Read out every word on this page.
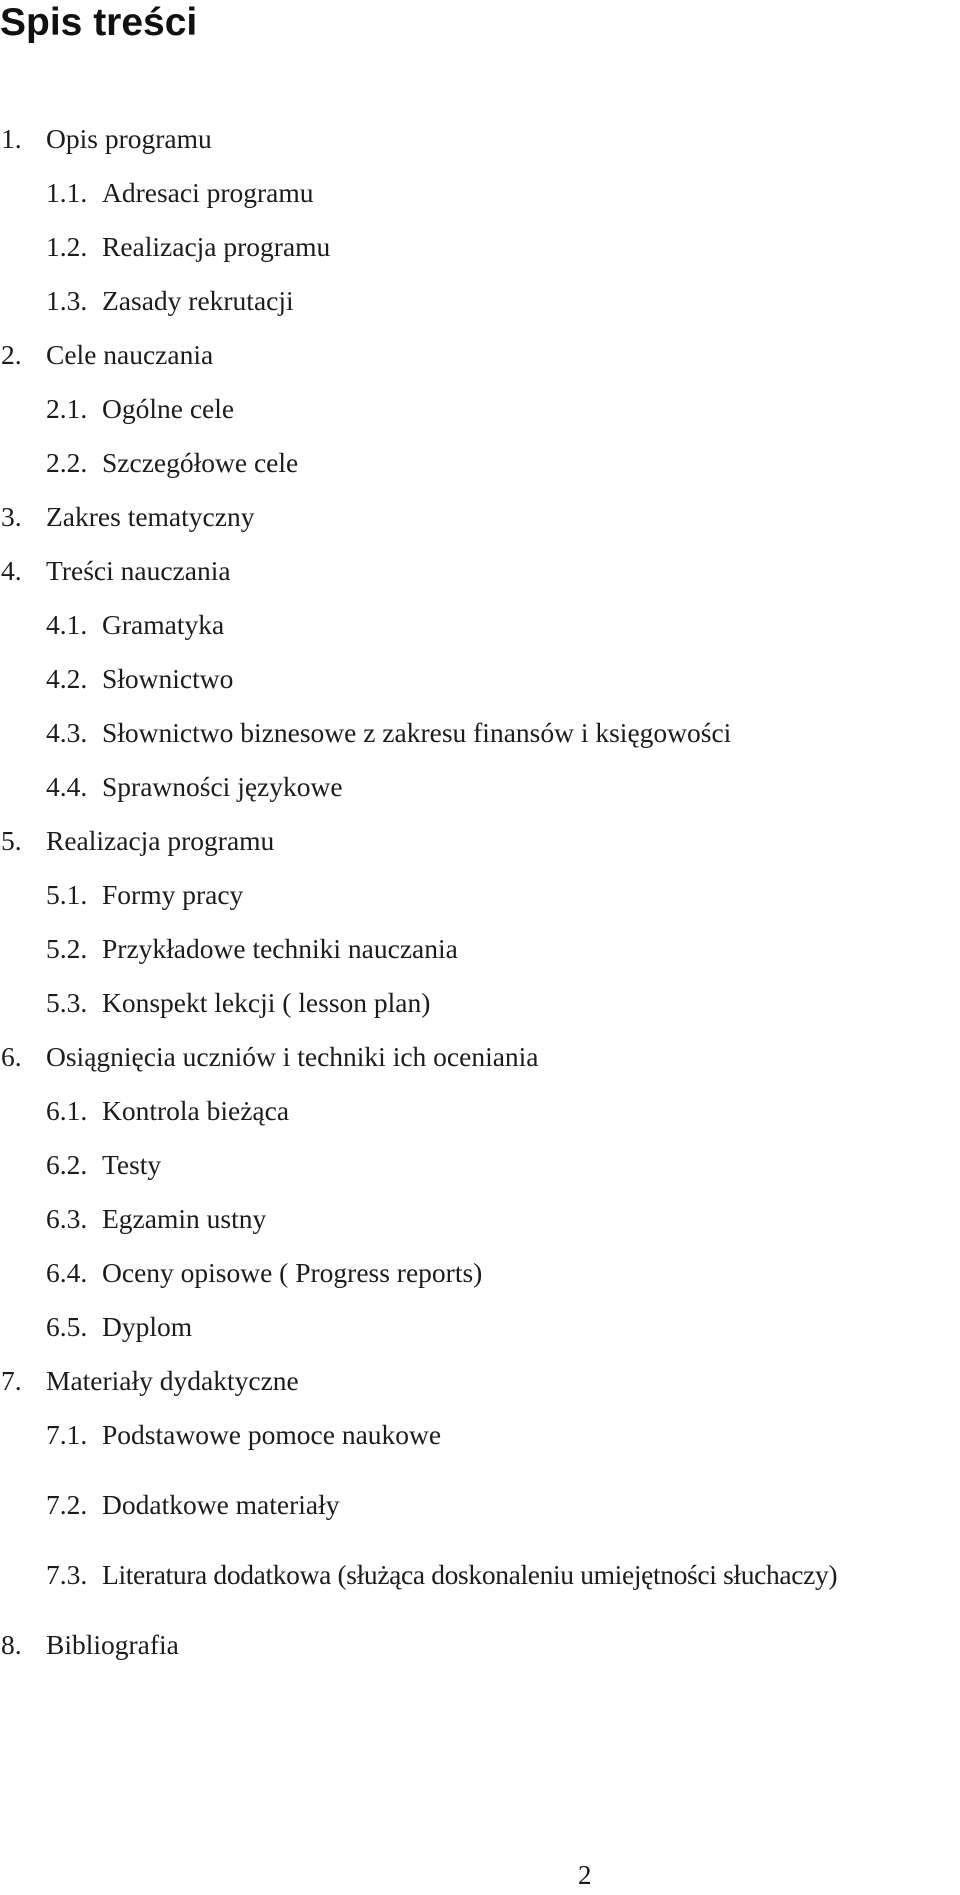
Spis treści
1. Opis programu
1.1. Adresaci programu
1.2. Realizacja programu
1.3. Zasady rekrutacji
2. Cele nauczania
2.1. Ogólne cele
2.2. Szczegółowe cele
3. Zakres tematyczny
4. Treści nauczania
4.1. Gramatyka
4.2. Słownictwo
4.3. Słownictwo biznesowe z zakresu finansów i księgowości
4.4. Sprawności językowe
5. Realizacja programu
5.1. Formy pracy
5.2. Przykładowe techniki nauczania
5.3. Konspekt lekcji ( lesson plan)
6. Osiągnięcia uczniów i techniki ich oceniania
6.1. Kontrola bieżąca
6.2. Testy
6.3. Egzamin ustny
6.4. Oceny opisowe ( Progress reports)
6.5. Dyplom
7. Materiały dydaktyczne
7.1. Podstawowe pomoce naukowe
7.2. Dodatkowe materiały
7.3. Literatura dodatkowa (służąca doskonaleniu umiejętności słuchaczy)
8. Bibliografia
2
